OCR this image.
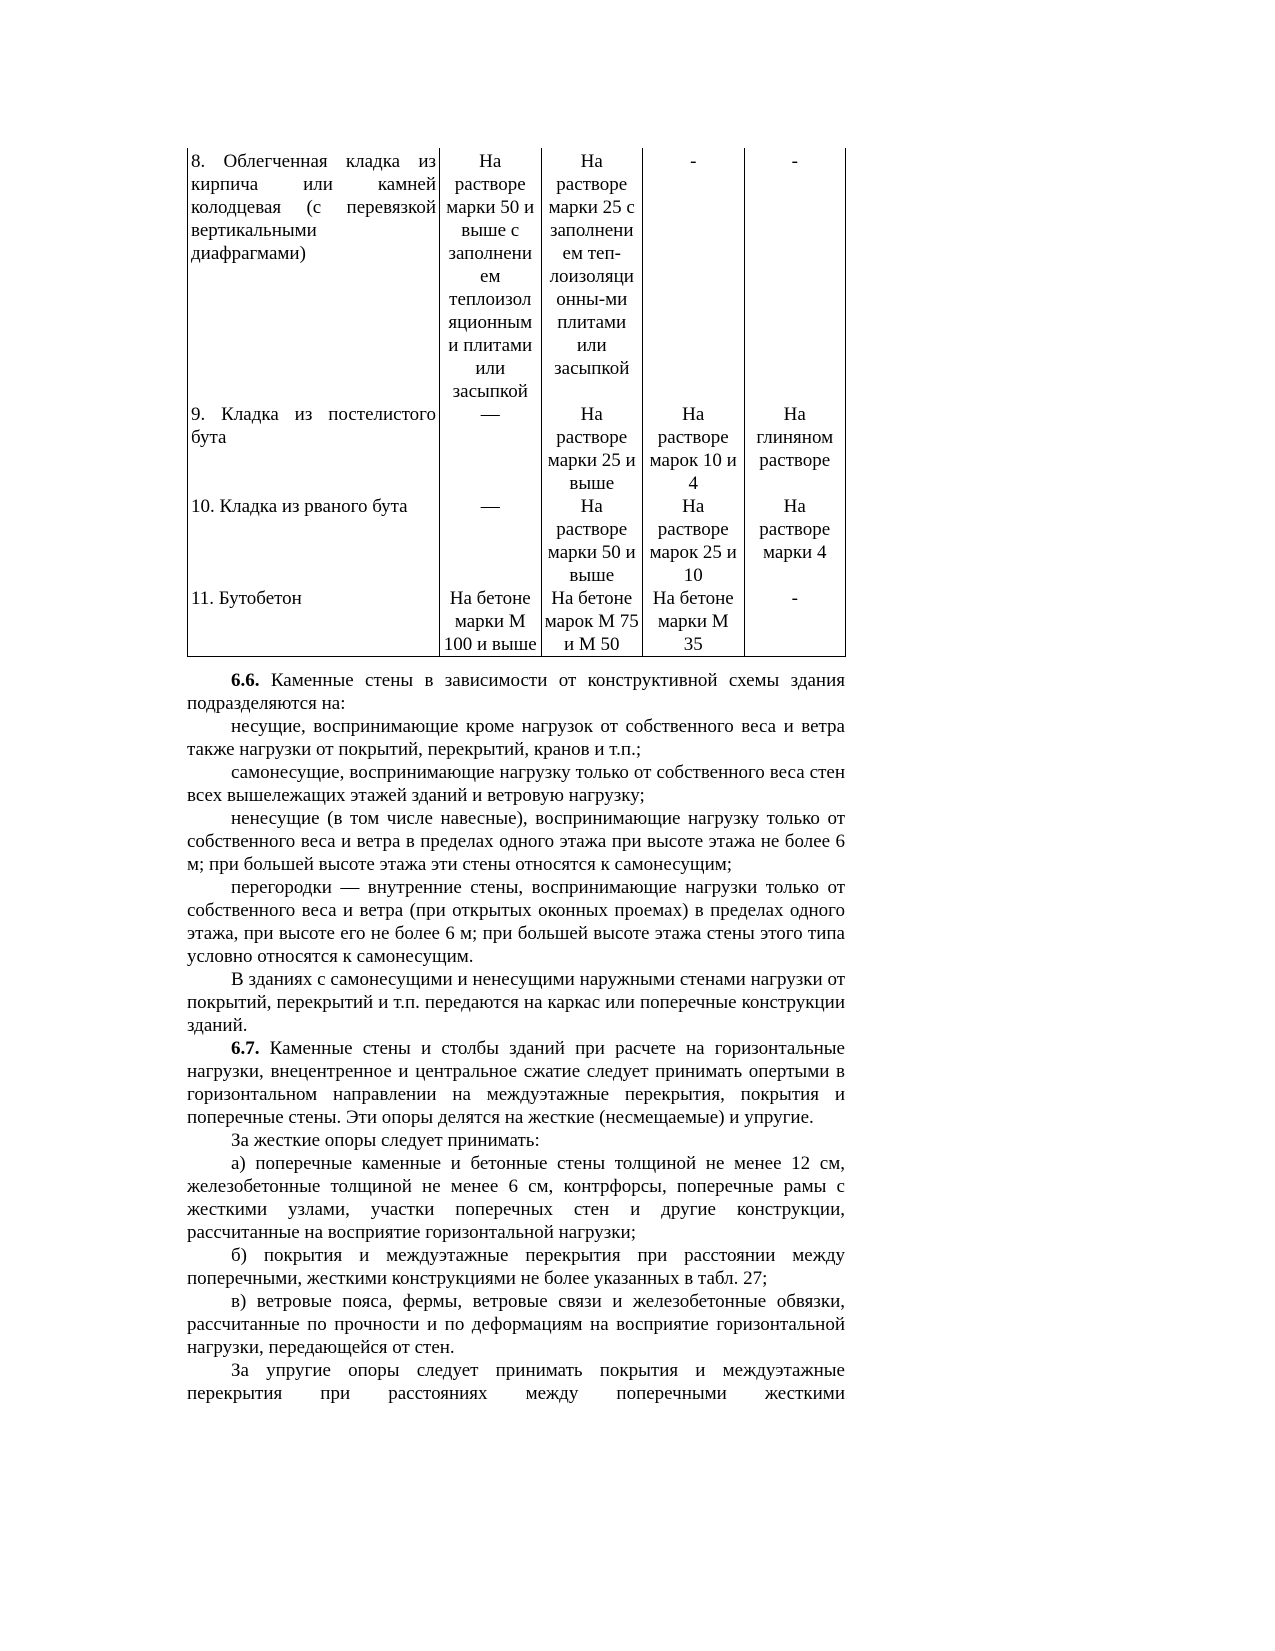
8. Облегченная кладка из кирпича или камней колодцевая (с перевязкой вертикальными диафрагмами)	На растворе марки 50 и выше с заполнени ем теплоизол яционным и плитами или засыпкой	На растворе марки 25 с заполнени ем теп-лоизоляци онны-ми плитами или засыпкой	-	-
9. Кладка из постелистого бута	—	На растворе марки 25 и выше	На растворе марок 10 и 4	На глиняном растворе
10. Кладка из рваного бута	—	На растворе марки 50 и выше	На растворе марок 25 и 10	На растворе марки 4
11. Бутобетон	На бетоне марки М 100 и выше	На бетоне марок М 75 и М 50	На бетоне марки М 35	-

6.6. Каменные стены в зависимости от конструктивной схемы здания подразделяются на:

несущие, воспринимающие кроме нагрузок от собственного веса и ветра также нагрузки от покрытий, перекрытий, кранов и т.п.;

самонесущие, воспринимающие нагрузку только от собственного веса стен всех вышележащих этажей зданий и ветровую нагрузку;

ненесущие (в том числе навесные), воспринимающие нагрузку только от собственного веса и ветра в пределах одного этажа при высоте этажа не более 6 м; при большей высоте этажа эти стены относятся к самонесущим;

перегородки — внутренние стены, воспринимающие нагрузки только от собственного веса и ветра (при открытых оконных проемах) в пределах одного этажа, при высоте его не более 6 м; при большей высоте этажа стены этого типа условно относятся к самонесущим.

В зданиях с самонесущими и ненесущими наружными стенами нагрузки от покрытий, перекрытий и т.п. передаются на каркас или поперечные конструкции зданий.

6.7. Каменные стены и столбы зданий при расчете на горизонтальные нагрузки, внецентренное и центральное сжатие следует принимать опертыми в горизонтальном направлении на междуэтажные перекрытия, покрытия и поперечные стены. Эти опоры делятся на жесткие (несмещаемые) и упругие.

За жесткие опоры следует принимать:

а) поперечные каменные и бетонные стены толщиной не менее 12 см, железобетонные толщиной не менее 6 см, контрфорсы, поперечные рамы с жесткими узлами, участки поперечных стен и другие конструкции, рассчитанные на восприятие горизонтальной нагрузки;

б) покрытия и междуэтажные перекрытия при расстоянии между поперечными, жесткими конструкциями не более указанных в табл. 27;

в) ветровые пояса, фермы, ветровые связи и железобетонные обвязки, рассчитанные по прочности и по деформациям на восприятие горизонтальной нагрузки, передающейся от стен.

За упругие опоры следует принимать покрытия и междуэтажные перекрытия при расстояниях между поперечными жесткими
